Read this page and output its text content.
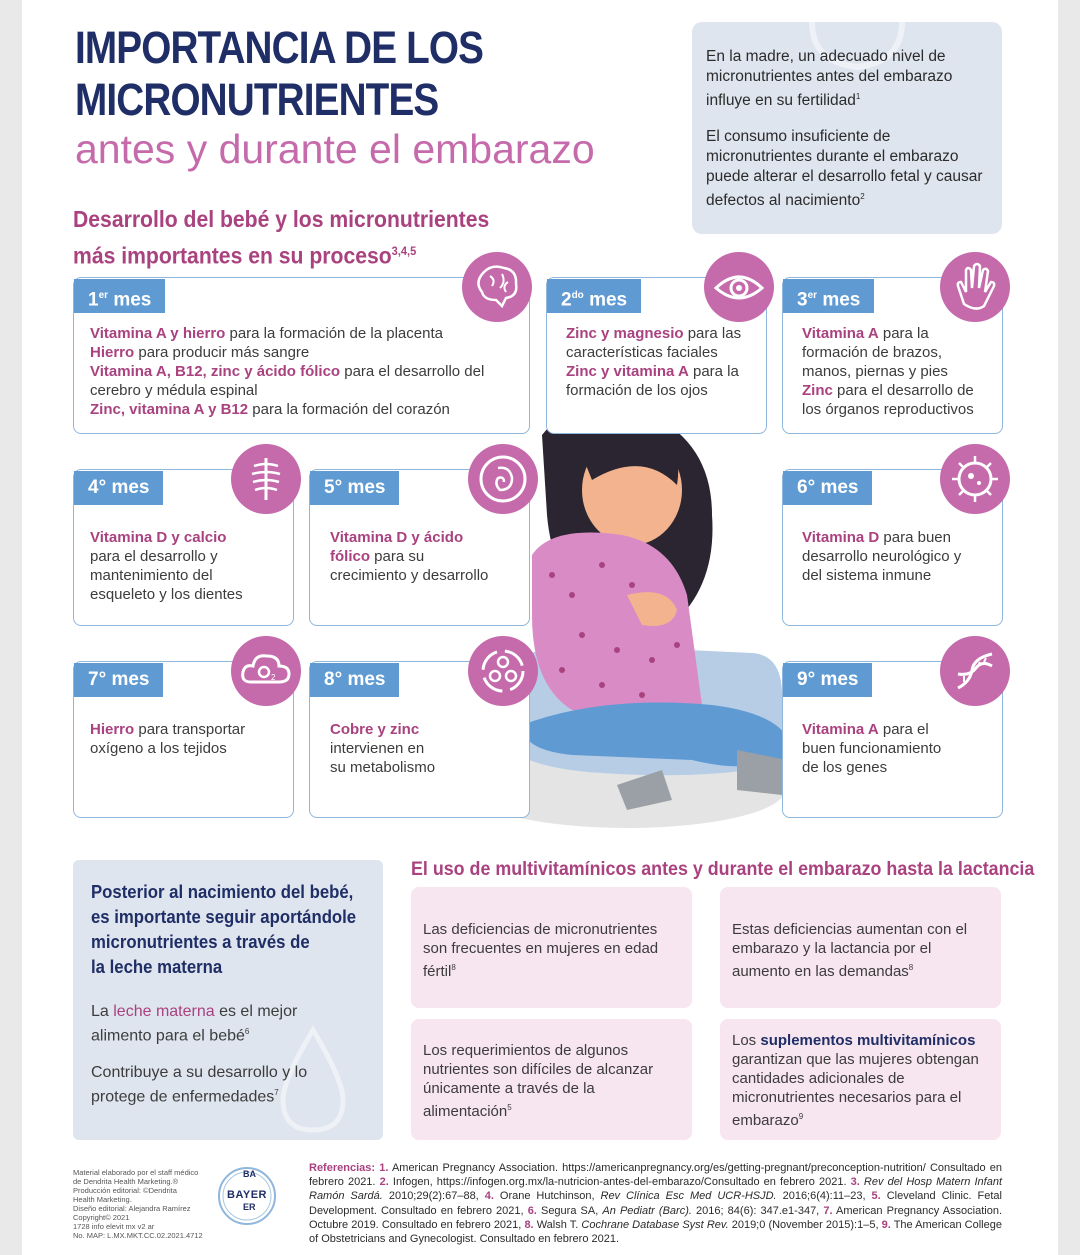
IMPORTANCIA DE LOS
MICRONUTRIENTES
antes y durante el embarazo

En la madre, un adecuado nivel de micronutrientes antes del embarazo influye en su fertilidad$^1$

El consumo insuficiente de micronutrientes durante el embarazo puede alterar el desarrollo fetal y causar defectos al nacimiento$^2$

Desarrollo del bebé y los micronutrientes
más importantes en su proceso$^{3,4,5}$
1er mes
Vitamina A y hierro para la formación de la placenta
Hierro para producir más sangre
Vitamina A, B12, zinc y ácido fólico para el desarrollo del
cerebro y médula espinal
Zinc, vitamina A y B12 para la formación del corazón
$2^{do}$ mes
Zinc y magnesio para las
características faciales
Zinc y vitamina A para la
formación de los ojos
3er mes
Vitamina A para la
formación de brazos,
manos, piernas y pies
Zinc para el desarrollo de
los órganos reproductivos
4° mes
Vitamina D y calcio
para el desarrollo y
mantenimiento del
esqueleto y los dientes
5° mes
Vitamina D y ácido
fólico para su
crecimiento y desarrollo
6° mes
Vitamina D para buen
desarrollo neurológico y
del sistema inmune
7° mes	2
Hierro para transportar
oxígeno a los tejidos
8° mes
Cobre y zinc
intervienen en
su metabolismo
9° mes
Vitamina A para el
buen funcionamiento
de los genes
Posterior al nacimiento del bebé,
es importante seguir aportándole
micronutrientes a través de
la leche materna
La leche materna es el mejor
alimento para el bebé$^6$
Contribuye a su desarrollo y lo
protege de enfermedades$^7$
El uso de multivitamínicos antes y durante el embarazo hasta la lactancia

Las deficiencias de micronutrientes
son frecuentes en mujeres en edad
fértil$^8$

Estas deficiencias aumentan con el
embarazo y la lactancia por el
aumento en las demandas$^8$

Los requerimientos de algunos
nutrientes son difíciles de alcanzar
únicamente a través de la
alimentación$^5$

Los suplementos multivitamínicos
garantizan que las mujeres obtengan
cantidades adicionales de
micronutrientes necesarios para el
embarazo$^9$

Material elaborado por el staff médico
de Dendrita Health Marketing.®
Producción editorial: ©Dendrita
Health Marketing.
Diseño editorial: Alejandra Ramírez
Copyright© 2021
1728 info elevit mx v2 ar
No. MAP: L.MX.MKT.CC.02.2021.4712
BAYER
BA
ER
Referencias: 1. American Pregnancy Association. https://americanpregnancy.org/es/getting-pregnant/preconception-nutrition/ Consultado en febrero 2021. 2. Infogen, https://infogen.org.mx/la-nutricion-antes-del-embarazo/Consultado en febrero 2021. 3. Rev del Hosp Matern Infant Ramón Sardá. 2010;29(2):67–88, 4. Orane Hutchinson, Rev Clínica Esc Med UCR-HSJD. 2016;6(4):11–23, 5. Cleveland Clinic. Fetal Development. Consultado en febrero 2021, 6. Segura SA, An Pediatr (Barc). 2016; 84(6): 347.e1-347, 7. American Pregnancy Association. Octubre 2019. Consultado en febrero 2021, 8. Walsh T. Cochrane Database Syst Rev. 2019;0 (November 2015):1–5, 9. The American College of Obstetricians and Gynecologist. Consultado en febrero 2021.
